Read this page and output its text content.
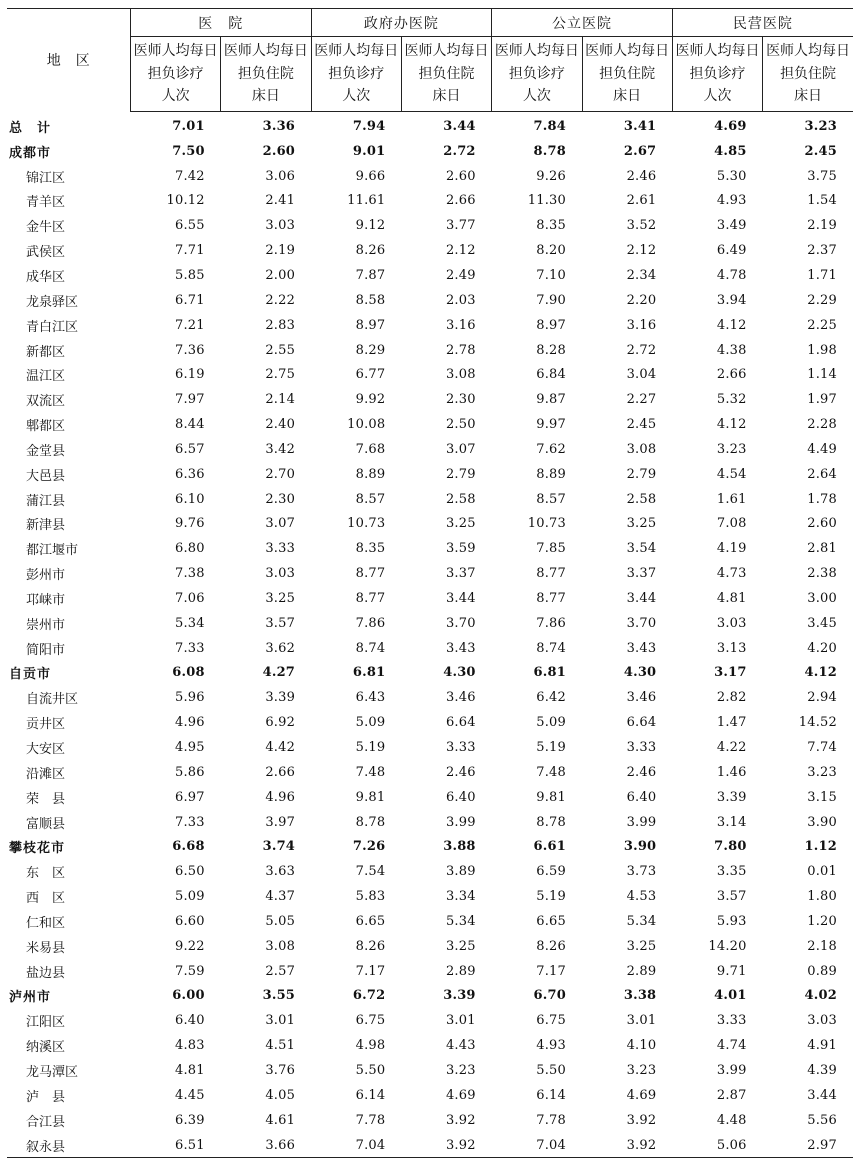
地　区	医　院		政府办医院		公立医院		民营医院	
	医师人均每日
担负诊疗
人次	医师人均每日
担负住院
床日	医师人均每日
担负诊疗
人次	医师人均每日
担负住院
床日	医师人均每日
担负诊疗
人次	医师人均每日
担负住院
床日	医师人均每日
担负诊疗
人次	医师人均每日
担负住院
床日
总　计	7.01	3.36	7.94	3.44	7.84	3.41	4.69	3.23
成都市	7.50	2.60	9.01	2.72	8.78	2.67	4.85	2.45
锦江区	7.42	3.06	9.66	2.60	9.26	2.46	5.30	3.75
青羊区	10.12	2.41	11.61	2.66	11.30	2.61	4.93	1.54
金牛区	6.55	3.03	9.12	3.77	8.35	3.52	3.49	2.19
武侯区	7.71	2.19	8.26	2.12	8.20	2.12	6.49	2.37
成华区	5.85	2.00	7.87	2.49	7.10	2.34	4.78	1.71
龙泉驿区	6.71	2.22	8.58	2.03	7.90	2.20	3.94	2.29
青白江区	7.21	2.83	8.97	3.16	8.97	3.16	4.12	2.25
新都区	7.36	2.55	8.29	2.78	8.28	2.72	4.38	1.98
温江区	6.19	2.75	6.77	3.08	6.84	3.04	2.66	1.14
双流区	7.97	2.14	9.92	2.30	9.87	2.27	5.32	1.97
郫都区	8.44	2.40	10.08	2.50	9.97	2.45	4.12	2.28
金堂县	6.57	3.42	7.68	3.07	7.62	3.08	3.23	4.49
大邑县	6.36	2.70	8.89	2.79	8.89	2.79	4.54	2.64
蒲江县	6.10	2.30	8.57	2.58	8.57	2.58	1.61	1.78
新津县	9.76	3.07	10.73	3.25	10.73	3.25	7.08	2.60
都江堰市	6.80	3.33	8.35	3.59	7.85	3.54	4.19	2.81
彭州市	7.38	3.03	8.77	3.37	8.77	3.37	4.73	2.38
邛崃市	7.06	3.25	8.77	3.44	8.77	3.44	4.81	3.00
崇州市	5.34	3.57	7.86	3.70	7.86	3.70	3.03	3.45
简阳市	7.33	3.62	8.74	3.43	8.74	3.43	3.13	4.20
自贡市	6.08	4.27	6.81	4.30	6.81	4.30	3.17	4.12
自流井区	5.96	3.39	6.43	3.46	6.42	3.46	2.82	2.94
贡井区	4.96	6.92	5.09	6.64	5.09	6.64	1.47	14.52
大安区	4.95	4.42	5.19	3.33	5.19	3.33	4.22	7.74
沿滩区	5.86	2.66	7.48	2.46	7.48	2.46	1.46	3.23
荣　县	6.97	4.96	9.81	6.40	9.81	6.40	3.39	3.15
富顺县	7.33	3.97	8.78	3.99	8.78	3.99	3.14	3.90
攀枝花市	6.68	3.74	7.26	3.88	6.61	3.90	7.80	1.12
东　区	6.50	3.63	7.54	3.89	6.59	3.73	3.35	0.01
西　区	5.09	4.37	5.83	3.34	5.19	4.53	3.57	1.80
仁和区	6.60	5.05	6.65	5.34	6.65	5.34	5.93	1.20
米易县	9.22	3.08	8.26	3.25	8.26	3.25	14.20	2.18
盐边县	7.59	2.57	7.17	2.89	7.17	2.89	9.71	0.89
泸州市	6.00	3.55	6.72	3.39	6.70	3.38	4.01	4.02
江阳区	6.40	3.01	6.75	3.01	6.75	3.01	3.33	3.03
纳溪区	4.83	4.51	4.98	4.43	4.93	4.10	4.74	4.91
龙马潭区	4.81	3.76	5.50	3.23	5.50	3.23	3.99	4.39
泸　县	4.45	4.05	6.14	4.69	6.14	4.69	2.87	3.44
合江县	6.39	4.61	7.78	3.92	7.78	3.92	4.48	5.56
叙永县	6.51	3.66	7.04	3.92	7.04	3.92	5.06	2.97
